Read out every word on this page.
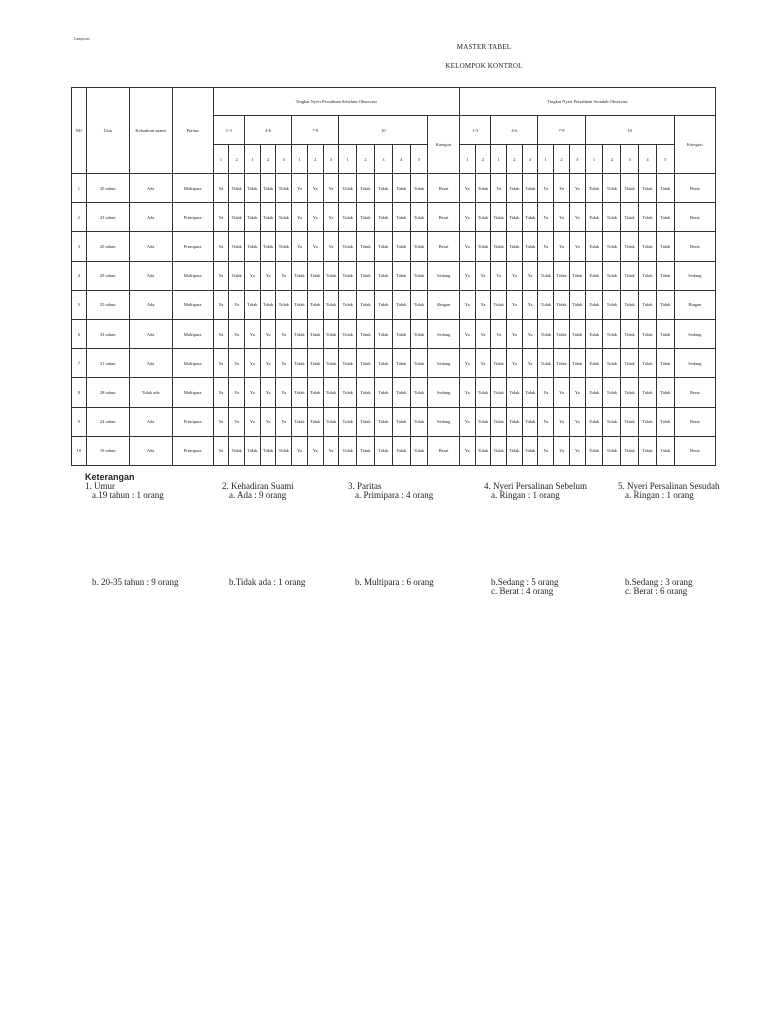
Lampiran
MASTER TABEL
KELOMPOK KONTROL
NO	Usia	Kehadiran suami	Paritas	Tingkat Nyeri Persalinan Sebelum Observasi														Tingkat Nyeri Persalinan Sesudah Observasi													
				1-3		4-6			7-9			10					Kategori	1-3		4-6			7-9			10					Kategori
				1	2	1	2	3	1	2	3	1	2	3	4	5		1	2	1	2	3	1	2	3	1	2	3	4	5	
1	30 tahun	Ada	Multipara	Ya	Tidak	Tidak	Tidak	Tidak	Ya	Ya	Ya	Tidak	Tidak	Tidak	Tidak	Tidak	Berat	Ya	Tidak	Ya	Tidak	Tidak	Ya	Ya	Ya	Tidak	Tidak	Tidak	Tidak	Tidak	Berat
2	23 tahun	Ada	Primipara	Ya	Tidak	Tidak	Tidak	Tidak	Ya	Ya	Ya	Tidak	Tidak	Tidak	Tidak	Tidak	Berat	Ya	Tidak	Tidak	Tidak	Tidak	Ya	Ya	Ya	Tidak	Tidak	Tidak	Tidak	Tidak	Berat
3	20 tahun	Ada	Primipara	Ya	Tidak	Tidak	Tidak	Tidak	Ya	Ya	Ya	Tidak	Tidak	Tidak	Tidak	Tidak	Berat	Ya	Tidak	Tidak	Tidak	Tidak	Ya	Ya	Ya	Tidak	Tidak	Tidak	Tidak	Tidak	Berat
4	29 tahun	Ada	Multipara	Ya	Tidak	Ya	Ya	Ya	Tidak	Tidak	Tidak	Tidak	Tidak	Tidak	Tidak	Tidak	Sedang	Ya	Ya	Ya	Ya	Ya	Tidak	Tidak	Tidak	Tidak	Tidak	Tidak	Tidak	Tidak	Sedang
5	25 tahun	Ada	Multipara	Ya	Ya	Tidak	Tidak	Tidak	Tidak	Tidak	Tidak	Tidak	Tidak	Tidak	Tidak	Tidak	Ringan	Ya	Ya	Tidak	Ya	Ya	Tidak	Tidak	Tidak	Tidak	Tidak	Tidak	Tidak	Tidak	Ringan
6	33 tahun	Ada	Multipara	Ya	Ya	Ya	Ya	Ya	Tidak	Tidak	Tidak	Tidak	Tidak	Tidak	Tidak	Tidak	Sedang	Ya	Ya	Ya	Ya	Ya	Tidak	Tidak	Tidak	Tidak	Tidak	Tidak	Tidak	Tidak	Sedang
7	31 tahun	Ada	Multipara	Ya	Ya	Ya	Ya	Ya	Tidak	Tidak	Tidak	Tidak	Tidak	Tidak	Tidak	Tidak	Sedang	Ya	Ya	Tidak	Ya	Ya	Tidak	Tidak	Tidak	Tidak	Tidak	Tidak	Tidak	Tidak	Sedang
8	28 tahun	Tidak ada	Multipara	Ya	Ya	Ya	Ya	Ya	Tidak	Tidak	Tidak	Tidak	Tidak	Tidak	Tidak	Tidak	Sedang	Ya	Tidak	Tidak	Tidak	Tidak	Ya	Ya	Ya	Tidak	Tidak	Tidak	Tidak	Tidak	Berat
9	24 tahun	Ada	Primipara	Ya	Ya	Ya	Ya	Ya	Tidak	Tidak	Tidak	Tidak	Tidak	Tidak	Tidak	Tidak	Sedang	Ya	Tidak	Tidak	Tidak	Tidak	Ya	Ya	Ya	Tidak	Tidak	Tidak	Tidak	Tidak	Berat
10	19 tahun	Ada	Primipara	Ya	Tidak	Tidak	Tidak	Tidak	Ya	Ya	Ya	Tidak	Tidak	Tidak	Tidak	Tidak	Berat	Ya	Tidak	Tidak	Tidak	Tidak	Ya	Ya	Ya	Tidak	Tidak	Tidak	Tidak	Tidak	Berat
Keterangan
1. Umur
a.19 tahun : 1 orang
b. 20-35 tahun : 9 orang
2. Kehadiran Suami
a. Ada : 9 orang
b.Tidak ada : 1 orang
3. Paritas
a. Primipara : 4 orang
b. Multipara : 6 orang
4. Nyeri Persalinan Sebelum
a. Ringan : 1 orang
b.Sedang : 5 orang
c. Berat : 4 orang
5. Nyeri Persalinan Sesudah
a. Ringan : 1 orang
b.Sedang : 3 orang
c. Berat : 6 orang
